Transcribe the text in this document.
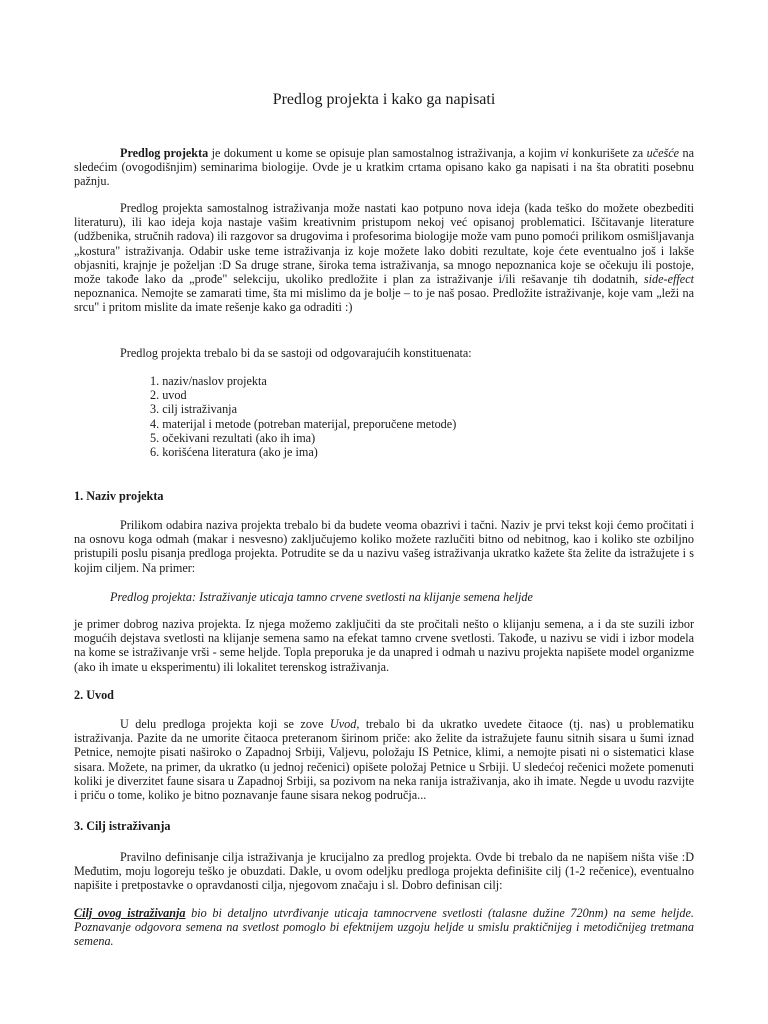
Predlog projekta i kako ga napisati

Predlog projekta je dokument u kome se opisuje plan samostalnog istraživanja, a kojim vi konkurišete za učešće na sledećim (ovogodišnjim) seminarima biologije. Ovde je u kratkim crtama opisano kako ga napisati i na šta obratiti posebnu pažnju.

Predlog projekta samostalnog istraživanja može nastati kao potpuno nova ideja (kada teško do možete obezbediti literaturu), ili kao ideja koja nastaje vašim kreativnim pristupom nekoj već opisanoj problematici. Iščitavanje literature (udžbenika, stručnih radova) ili razgovor sa drugovima i profesorima biologije može vam puno pomoći prilikom osmišljavanja „kostura" istraživanja. Odabir uske teme istraživanja iz koje možete lako dobiti rezultate, koje ćete eventualno još i lakše objasniti, krajnje je poželjan :D Sa druge strane, široka tema istraživanja, sa mnogo nepoznanica koje se očekuju ili postoje, može takođe lako da „prođe" selekciju, ukoliko predložite i plan za istraživanje i/ili rešavanje tih dodatnih, side-effect nepoznanica. Nemojte se zamarati time, šta mi mislimo da je bolje – to je naš posao. Predložite istraživanje, koje vam „leži na srcu" i pritom mislite da imate rešenje kako ga odraditi :)

Predlog projekta trebalo bi da se sastoji od odgovarajućih konstituenata:

1. naziv/naslov projekta
2. uvod
3. cilj istraživanja
4. materijal i metode (potreban materijal, preporučene metode)
5. očekivani rezultati (ako ih ima)
6. korišćena literatura (ako je ima)

1. Naziv projekta

Prilikom odabira naziva projekta trebalo bi da budete veoma obazrivi i tačni. Naziv je prvi tekst koji ćemo pročitati i na osnovu koga odmah (makar i nesvesno) zaključujemo koliko možete razlučiti bitno od nebitnog, kao i koliko ste ozbiljno pristupili poslu pisanja predloga projekta. Potrudite se da u nazivu vašeg istraživanja ukratko kažete šta želite da istražujete i s kojim ciljem. Na primer:

Predlog projekta: Istraživanje uticaja tamno crvene svetlosti na klijanje semena heljde

je primer dobrog naziva projekta. Iz njega možemo zaključiti da ste pročitali nešto o klijanju semena, a i da ste suzili izbor mogućih dejstava svetlosti na klijanje semena samo na efekat tamno crvene svetlosti. Takođe, u nazivu se vidi i izbor modela na kome se istraživanje vrši - seme heljde. Topla preporuka je da unapred i odmah u nazivu projekta napišete model organizme (ako ih imate u eksperimentu) ili lokalitet terenskog istraživanja.

2. Uvod

U delu predloga projekta koji se zove Uvod, trebalo bi da ukratko uvedete čitaoce (tj. nas) u problematiku istraživanja. Pazite da ne umorite čitaoca preteranom širinom priče: ako želite da istražujete faunu sitnih sisara u šumi iznad Petnice, nemojte pisati naširoko o Zapadnoj Srbiji, Valjevu, položaju IS Petnice, klimi, a nemojte pisati ni o sistematici klase sisara. Možete, na primer, da ukratko (u jednoj rečenici) opišete položaj Petnice u Srbiji. U sledećoj rečenici možete pomenuti koliki je diverzitet faune sisara u Zapadnoj Srbiji, sa pozivom na neka ranija istraživanja, ako ih imate. Negde u uvodu razvijte i priču o tome, koliko je bitno poznavanje faune sisara nekog područja...

3. Cilj istraživanja

Pravilno definisanje cilja istraživanja je krucijalno za predlog projekta. Ovde bi trebalo da ne napišem ništa više :D Međutim, moju logoreju teško je obuzdati. Dakle, u ovom odeljku predloga projekta definišite cilj (1-2 rečenice), eventualno napišite i pretpostavke o opravdanosti cilja, njegovom značaju i sl. Dobro definisan cilj:

Cilj ovog istraživanja bio bi detaljno utvrđivanje uticaja tamnocrvene svetlosti (talasne dužine 720nm) na seme heljde. Poznavanje odgovora semena na svetlost pomoglo bi efektnijem uzgoju heljde u smislu praktičnijeg i metodičnijeg tretmana semena.
